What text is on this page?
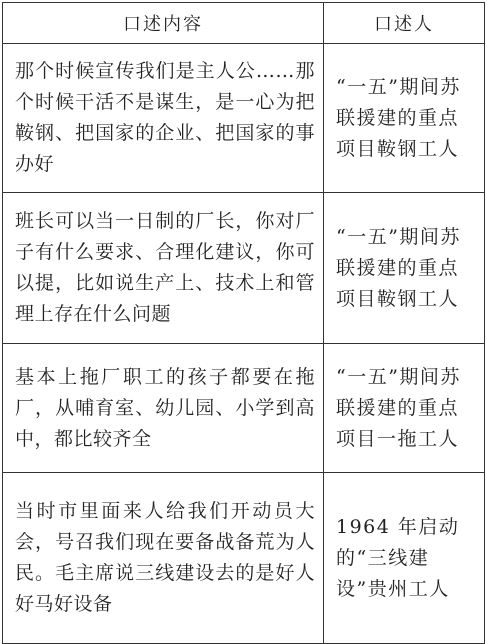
口述内容	口述人
那个时候宣传我们是主人公……那个时候干活不是谋生，是一心为把鞍钢、把国家的企业、把国家的事办好	“一五”期间苏联援建的重点项目鞍钢工人
班长可以当一日制的厂长，你对厂子有什么要求、合理化建议，你可以提，比如说生产上、技术上和管理上存在什么问题	“一五”期间苏联援建的重点项目鞍钢工人
基本上拖厂职工的孩子都要在拖厂，从哺育室、幼儿园、小学到高中，都比较齐全	“一五”期间苏联援建的重点项目一拖工人
当时市里面来人给我们开动员大会，号召我们现在要备战备荒为人民。毛主席说三线建设去的是好人好马好设备	1964 年启动的“三线建设”贵州工人
